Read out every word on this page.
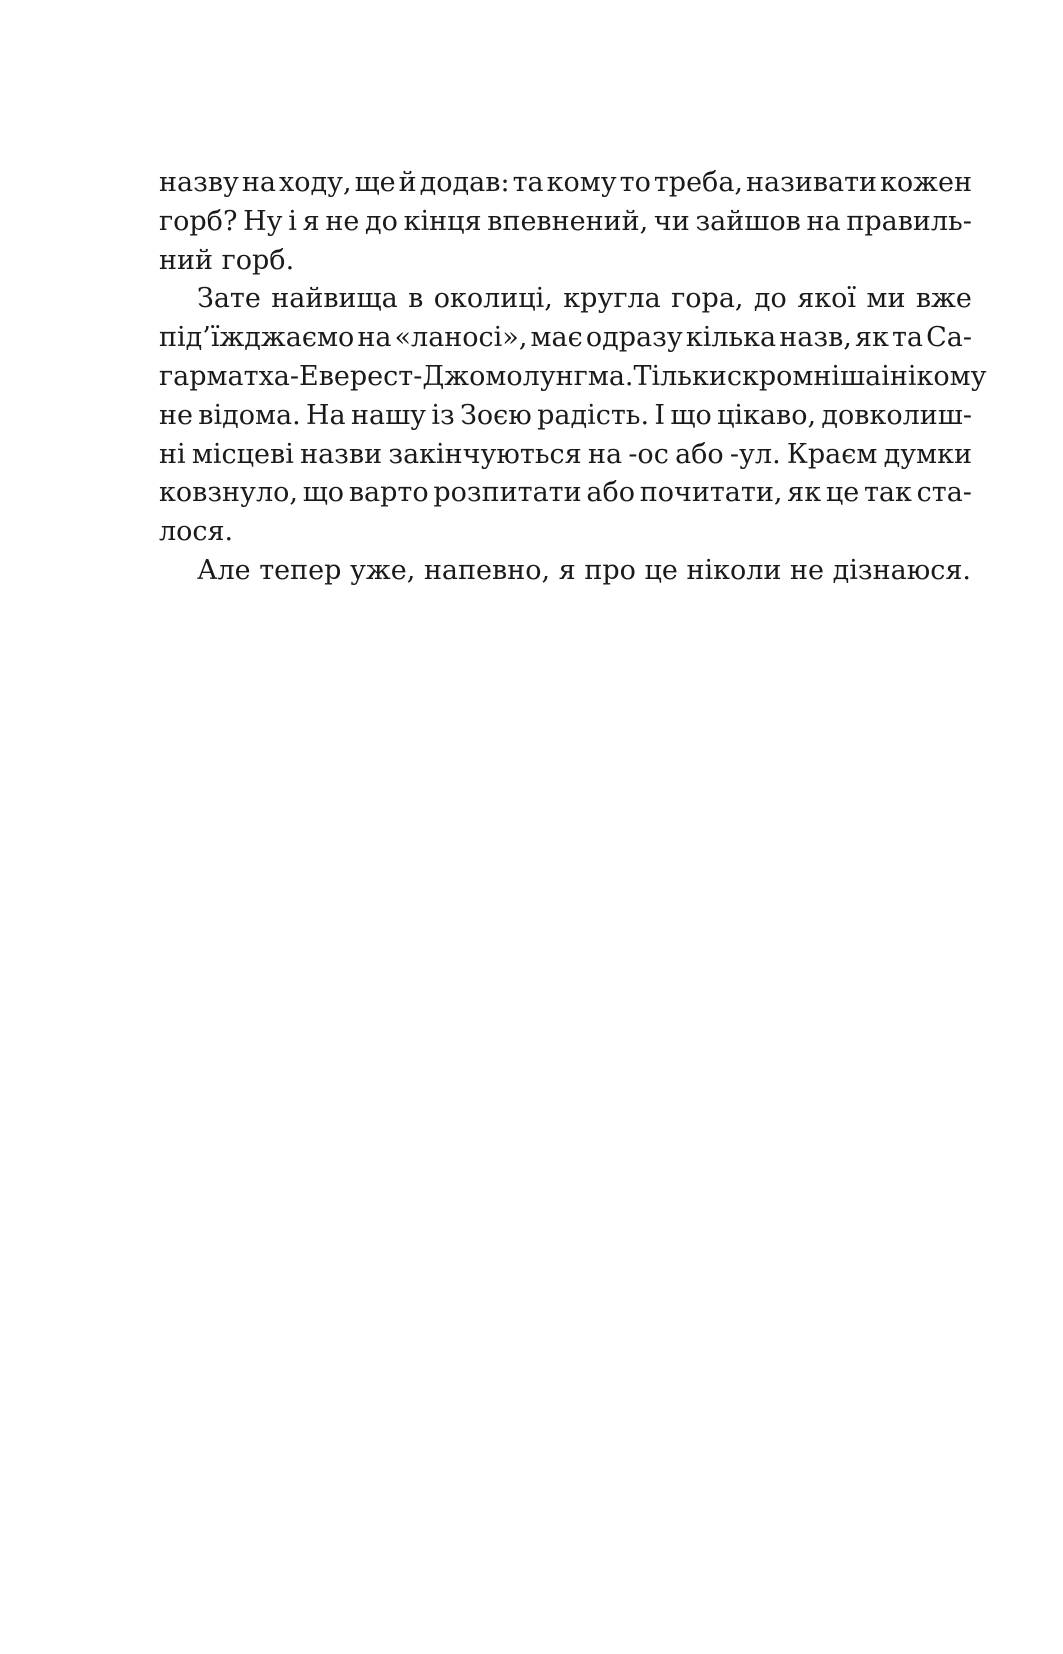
назву на ходу, ще й додав: та кому то треба, називати кожен
горб? Ну і я не до кінця впевнений, чи зайшов на правиль-
ний горб.
Зате найвища в околиці, кругла гора, до якої ми вже
під’їжджаємо на «ланосі», має одразу кілька назв, як та Са-
гарматха-Еверест-Джомолунгма. Тільки скромніша і нікому
не відома. На нашу із Зоєю радість. І що цікаво, довколиш-
ні місцеві назви закінчуються на -ос або -ул. Краєм думки
ковзнуло, що варто розпитати або почитати, як це так ста-
лося.
Але тепер уже, напевно, я про це ніколи не дізнаюся.
